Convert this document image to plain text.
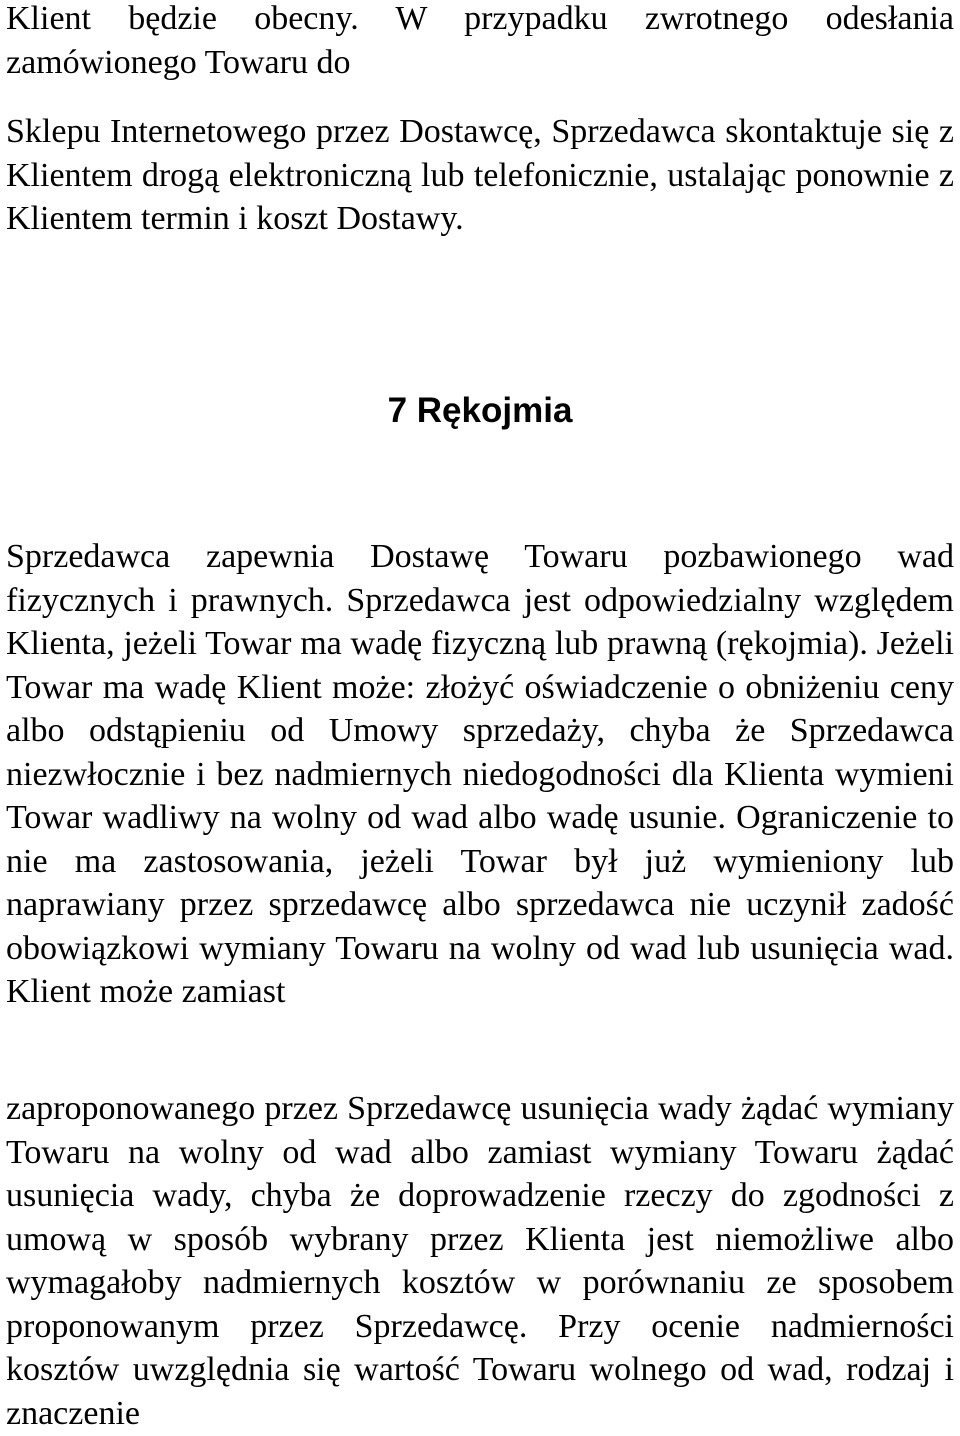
Klient będzie obecny. W przypadku zwrotnego odesłania zamówionego Towaru do

Sklepu Internetowego przez Dostawcę, Sprzedawca skontaktuje się z Klientem drogą elektroniczną lub telefonicznie, ustalając ponownie z Klientem termin i koszt Dostawy.

7 Rękojmia

Sprzedawca zapewnia Dostawę Towaru pozbawionego wad fizycznych i prawnych. Sprzedawca jest odpowiedzialny względem Klienta, jeżeli Towar ma wadę fizyczną lub prawną (rękojmia). Jeżeli Towar ma wadę Klient może: złożyć oświadczenie o obniżeniu ceny albo odstąpieniu od Umowy sprzedaży, chyba że Sprzedawca niezwłocznie i bez nadmiernych niedogodności dla Klienta wymieni Towar wadliwy na wolny od wad albo wadę usunie. Ograniczenie to nie ma zastosowania, jeżeli Towar był już wymieniony lub naprawiany przez sprzedawcę albo sprzedawca nie uczynił zadość obowiązkowi wymiany Towaru na wolny od wad lub usunięcia wad. Klient może zamiast

zaproponowanego przez Sprzedawcę usunięcia wady żądać wymiany Towaru na wolny od wad albo zamiast wymiany Towaru żądać usunięcia wady, chyba że doprowadzenie rzeczy do zgodności z umową w sposób wybrany przez Klienta jest niemożliwe albo wymagałoby nadmiernych kosztów w porównaniu ze sposobem proponowanym przez Sprzedawcę. Przy ocenie nadmierności kosztów uwzględnia się wartość Towaru wolnego od wad, rodzaj i znaczenie
